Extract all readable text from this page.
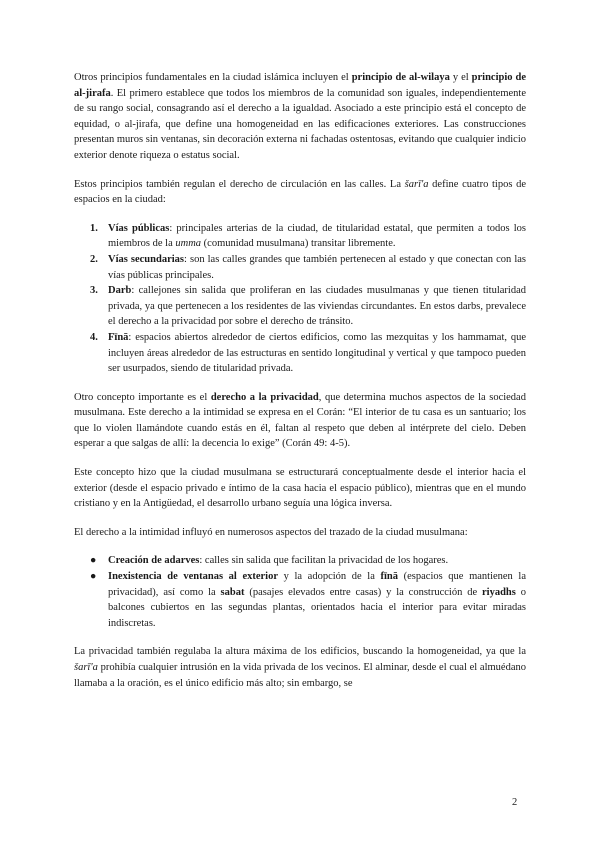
Otros principios fundamentales en la ciudad islámica incluyen el principio de al-wilaya y el principio de al-jirafa. El primero establece que todos los miembros de la comunidad son iguales, independientemente de su rango social, consagrando así el derecho a la igualdad. Asociado a este principio está el concepto de equidad, o al-jirafa, que define una homogeneidad en las edificaciones exteriores. Las construcciones presentan muros sin ventanas, sin decoración externa ni fachadas ostentosas, evitando que cualquier indicio exterior denote riqueza o estatus social.

Estos principios también regulan el derecho de circulación en las calles. La šarī'a define cuatro tipos de espacios en la ciudad:

1. Vías públicas: principales arterias de la ciudad, de titularidad estatal, que permiten a todos los miembros de la umma (comunidad musulmana) transitar libremente.
2. Vías secundarias: son las calles grandes que también pertenecen al estado y que conectan con las vías públicas principales.
3. Darb: callejones sin salida que proliferan en las ciudades musulmanas y que tienen titularidad privada, ya que pertenecen a los residentes de las viviendas circundantes. En estos darbs, prevalece el derecho a la privacidad por sobre el derecho de tránsito.
4. Fīnā: espacios abiertos alrededor de ciertos edificios, como las mezquitas y los hammamat, que incluyen áreas alrededor de las estructuras en sentido longitudinal y vertical y que tampoco pueden ser usurpados, siendo de titularidad privada.

Otro concepto importante es el derecho a la privacidad, que determina muchos aspectos de la sociedad musulmana. Este derecho a la intimidad se expresa en el Corán: “El interior de tu casa es un santuario; los que lo violen llamándote cuando estás en él, faltan al respeto que deben al intérprete del cielo. Deben esperar a que salgas de allí: la decencia lo exige” (Corán 49: 4-5).

Este concepto hizo que la ciudad musulmana se estructurará conceptualmente desde el interior hacia el exterior (desde el espacio privado e íntimo de la casa hacia el espacio público), mientras que en el mundo cristiano y en la Antigüedad, el desarrollo urbano seguía una lógica inversa.

El derecho a la intimidad influyó en numerosos aspectos del trazado de la ciudad musulmana:

● Creación de adarves: calles sin salida que facilitan la privacidad de los hogares.
● Inexistencia de ventanas al exterior y la adopción de la fīnā (espacios que mantienen la privacidad), así como la sabat (pasajes elevados entre casas) y la construcción de riyadhs o balcones cubiertos en las segundas plantas, orientados hacia el interior para evitar miradas indiscretas.

La privacidad también regulaba la altura máxima de los edificios, buscando la homogeneidad, ya que la šarī'a prohibía cualquier intrusión en la vida privada de los vecinos. El alminar, desde el cual el almuédano llamaba a la oración, es el único edificio más alto; sin embargo, se

2
